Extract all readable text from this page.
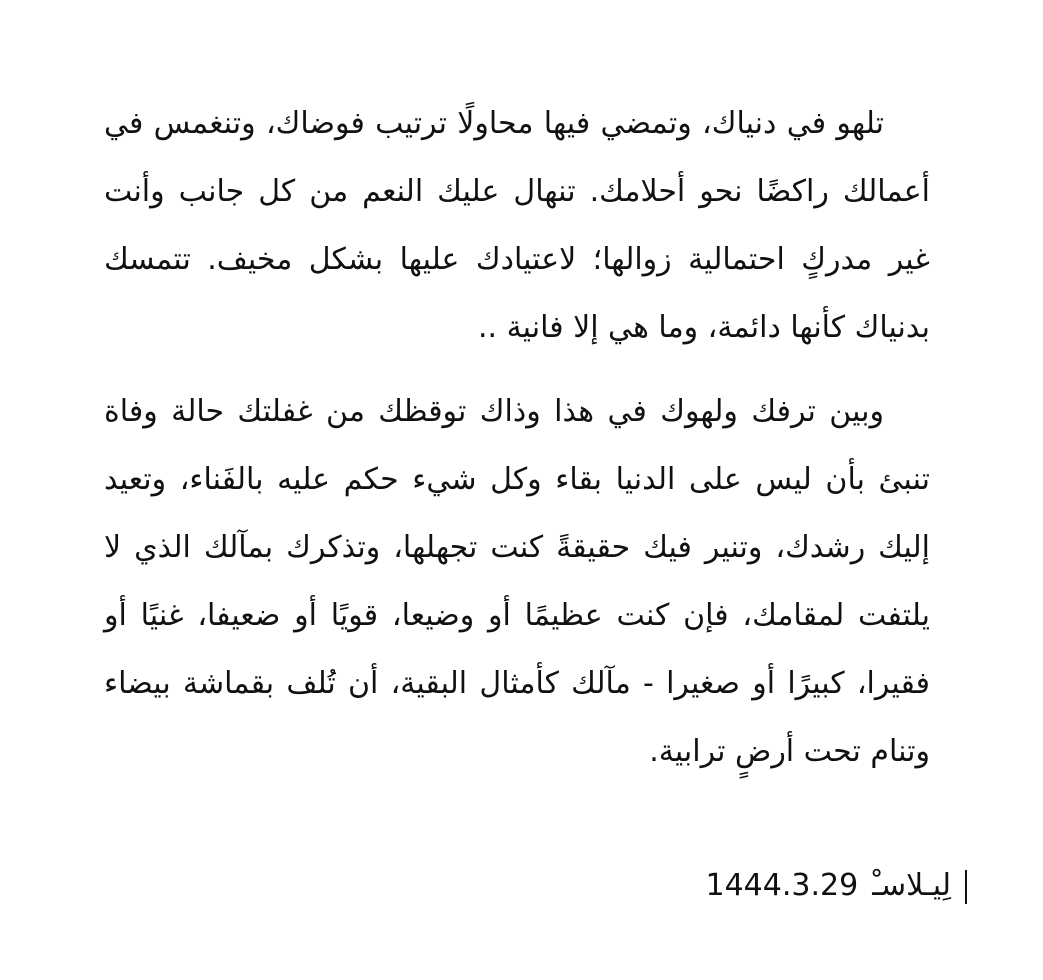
تلهو في دنياك، وتمضي فيها محاولًا ترتيب فوضاك، وتنغمس في أعمالك راكضًا نحو أحلامك. تنهال عليك النعم من كل جانب وأنت غير مدركٍ احتمالية زوالها؛ لاعتيادك عليها بشكل مخيف. تتمسك بدنياك كأنها دائمة، وما هي إلا فانية ..

وبين ترفك ولهوك في هذا وذاك توقظك من غفلتك حالة وفاة تنبئ بأن ليس على الدنيا بقاء وكل شيء حكم عليه بالفَناء، وتعيد إليك رشدك، وتنير فيك حقيقةً كنت تجهلها، وتذكرك بمآلك الذي لا يلتفت لمقامك، فإن كنت عظيمًا أو وضيعا، قويًا أو ضعيفا، غنيًا أو فقيرا، كبيرًا أو صغيرا - مآلك كأمثال البقية، أن تُلف بقماشة بيضاء وتنام تحت أرضٍ ترابية.

لِيـلاسـْ1444.3.29
